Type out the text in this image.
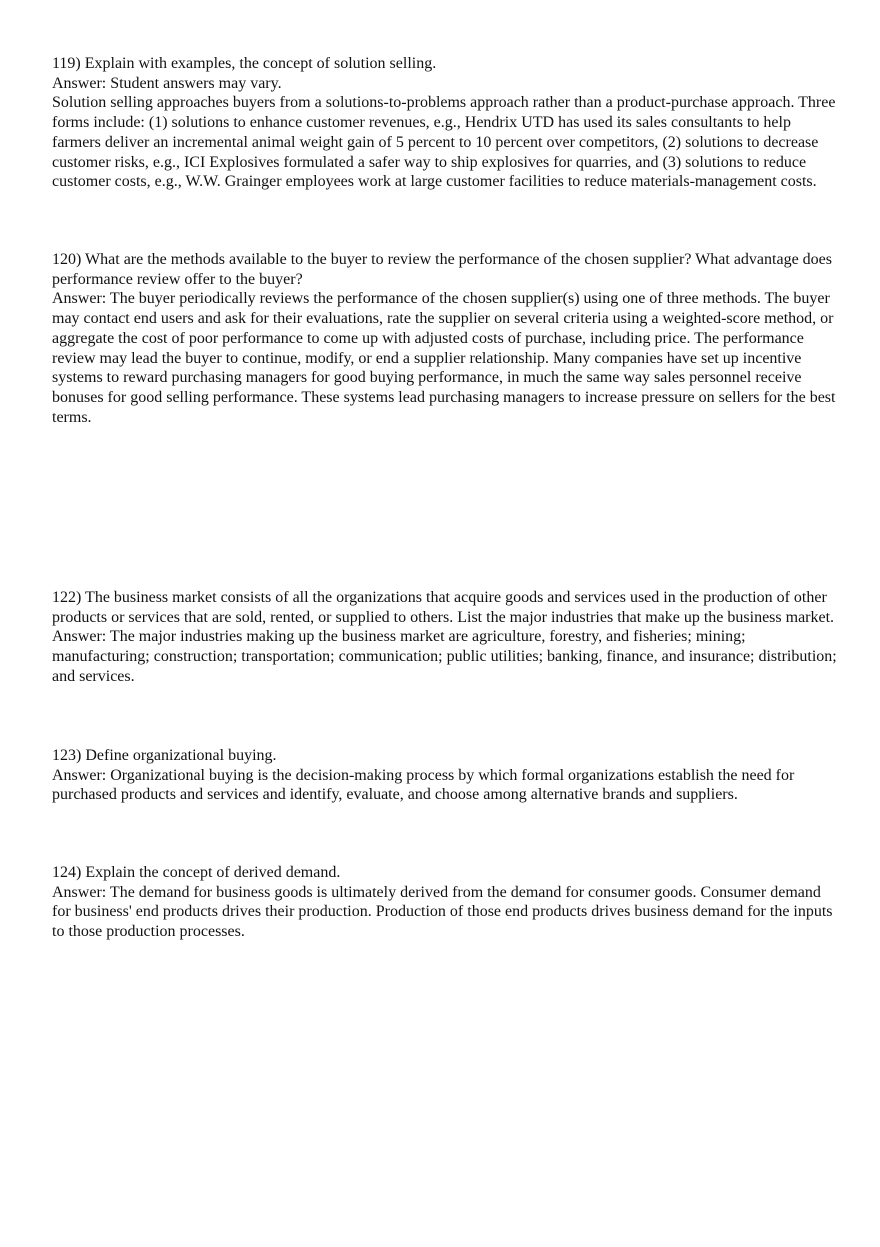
119) Explain with examples, the concept of solution selling.

Answer: Student answers may vary.

Solution selling approaches buyers from a solutions-to-problems approach rather than a product-purchase approach. Three forms include: (1) solutions to enhance customer revenues, e.g., Hendrix UTD has used its sales consultants to help farmers deliver an incremental animal weight gain of 5 percent to 10 percent over competitors, (2) solutions to decrease customer risks, e.g., ICI Explosives formulated a safer way to ship explosives for quarries, and (3) solutions to reduce customer costs, e.g., W.W. Grainger employees work at large customer facilities to reduce materials-management costs.

120) What are the methods available to the buyer to review the performance of the chosen supplier? What advantage does performance review offer to the buyer?

Answer: The buyer periodically reviews the performance of the chosen supplier(s) using one of three methods. The buyer may contact end users and ask for their evaluations, rate the supplier on several criteria using a weighted-score method, or aggregate the cost of poor performance to come up with adjusted costs of purchase, including price. The performance review may lead the buyer to continue, modify, or end a supplier relationship. Many companies have set up incentive systems to reward purchasing managers for good buying performance, in much the same way sales personnel receive bonuses for good selling performance. These systems lead purchasing managers to increase pressure on sellers for the best terms.

122) The business market consists of all the organizations that acquire goods and services used in the production of other products or services that are sold, rented, or supplied to others. List the major industries that make up the business market.

Answer: The major industries making up the business market are agriculture, forestry, and fisheries; mining; manufacturing; construction; transportation; communication; public utilities; banking, finance, and insurance; distribution; and services.

123) Define organizational buying.

Answer: Organizational buying is the decision-making process by which formal organizations establish the need for purchased products and services and identify, evaluate, and choose among alternative brands and suppliers.

124) Explain the concept of derived demand.

Answer: The demand for business goods is ultimately derived from the demand for consumer goods. Consumer demand for business' end products drives their production. Production of those end products drives business demand for the inputs to those production processes.
